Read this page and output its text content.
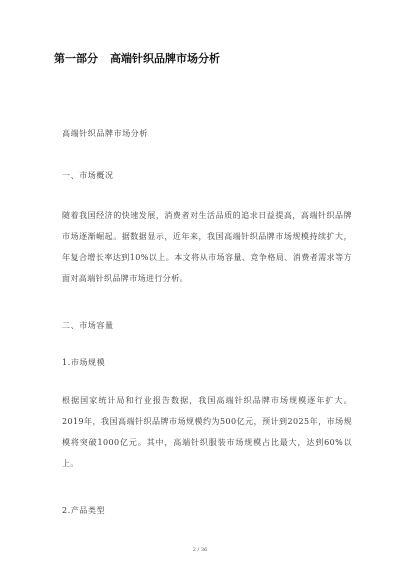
第一部分 高端针织品牌市场分析
高端针织品牌市场分析
一、市场概况
随着我国经济的快速发展，消费者对生活品质的追求日益提高，高端针织品牌市场逐渐崛起。据数据显示，近年来，我国高端针织品牌市场规模持续扩大，年复合增长率达到10%以上。本文将从市场容量、竞争格局、消费者需求等方面对高端针织品牌市场进行分析。
二、市场容量
1.市场规模
根据国家统计局和行业报告数据，我国高端针织品牌市场规模逐年扩大。2019年，我国高端针织品牌市场规模约为500亿元，预计到2025年，市场规模将突破1000亿元。其中，高端针织服装市场规模占比最大，达到60%以上。
2.产品类型
2 / 36
